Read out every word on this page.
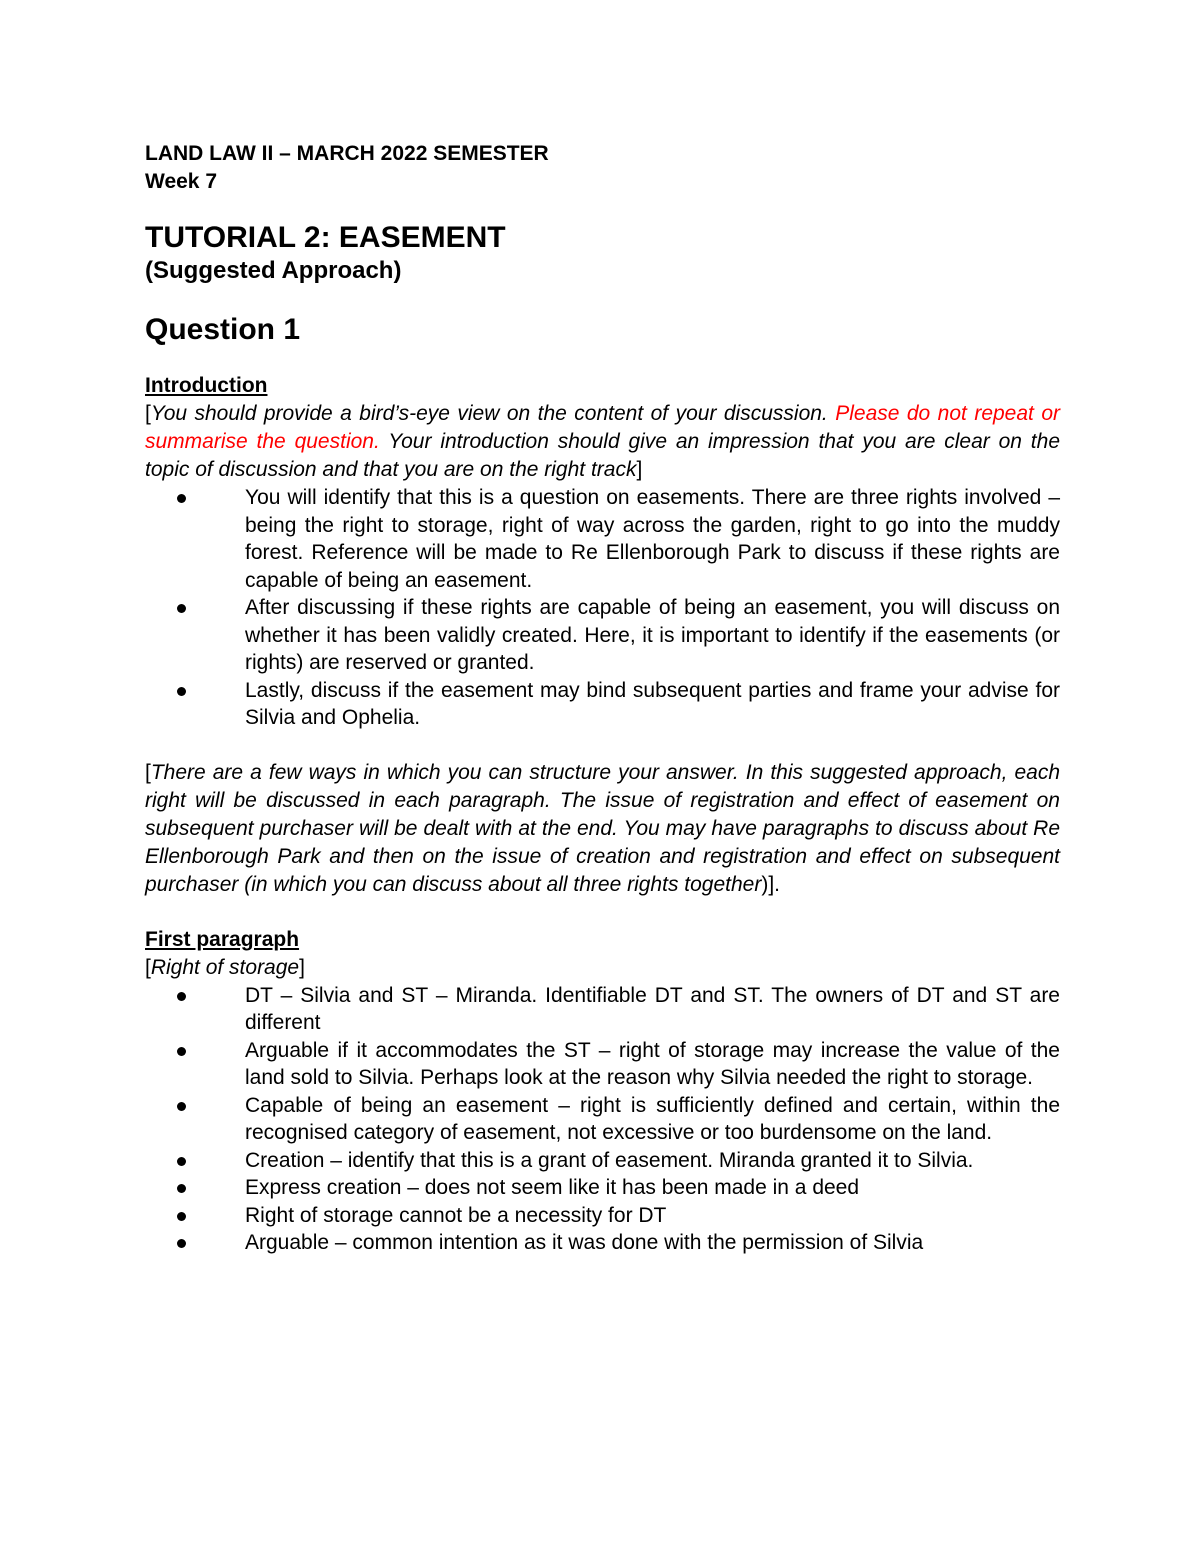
LAND LAW II – MARCH 2022 SEMESTER

Week 7

TUTORIAL 2: EASEMENT

(Suggested Approach)

Question 1

Introduction

[You should provide a bird’s-eye view on the content of your discussion. Please do not repeat or summarise the question. Your introduction should give an impression that you are clear on the topic of discussion and that you are on the right track]

You will identify that this is a question on easements. There are three rights involved – being the right to storage, right of way across the garden, right to go into the muddy forest. Reference will be made to Re Ellenborough Park to discuss if these rights are capable of being an easement.
After discussing if these rights are capable of being an easement, you will discuss on whether it has been validly created. Here, it is important to identify if the easements (or rights) are reserved or granted.
Lastly, discuss if the easement may bind subsequent parties and frame your advise for Silvia and Ophelia.

[There are a few ways in which you can structure your answer. In this suggested approach, each right will be discussed in each paragraph. The issue of registration and effect of easement on subsequent purchaser will be dealt with at the end. You may have paragraphs to discuss about Re Ellenborough Park and then on the issue of creation and registration and effect on subsequent purchaser (in which you can discuss about all three rights together)].

First paragraph

[Right of storage]

DT – Silvia and ST – Miranda. Identifiable DT and ST. The owners of DT and ST are different
Arguable if it accommodates the ST – right of storage may increase the value of the land sold to Silvia. Perhaps look at the reason why Silvia needed the right to storage.
Capable of being an easement – right is sufficiently defined and certain, within the recognised category of easement, not excessive or too burdensome on the land.
Creation – identify that this is a grant of easement. Miranda granted it to Silvia.
Express creation – does not seem like it has been made in a deed
Right of storage cannot be a necessity for DT
Arguable – common intention as it was done with the permission of Silvia
